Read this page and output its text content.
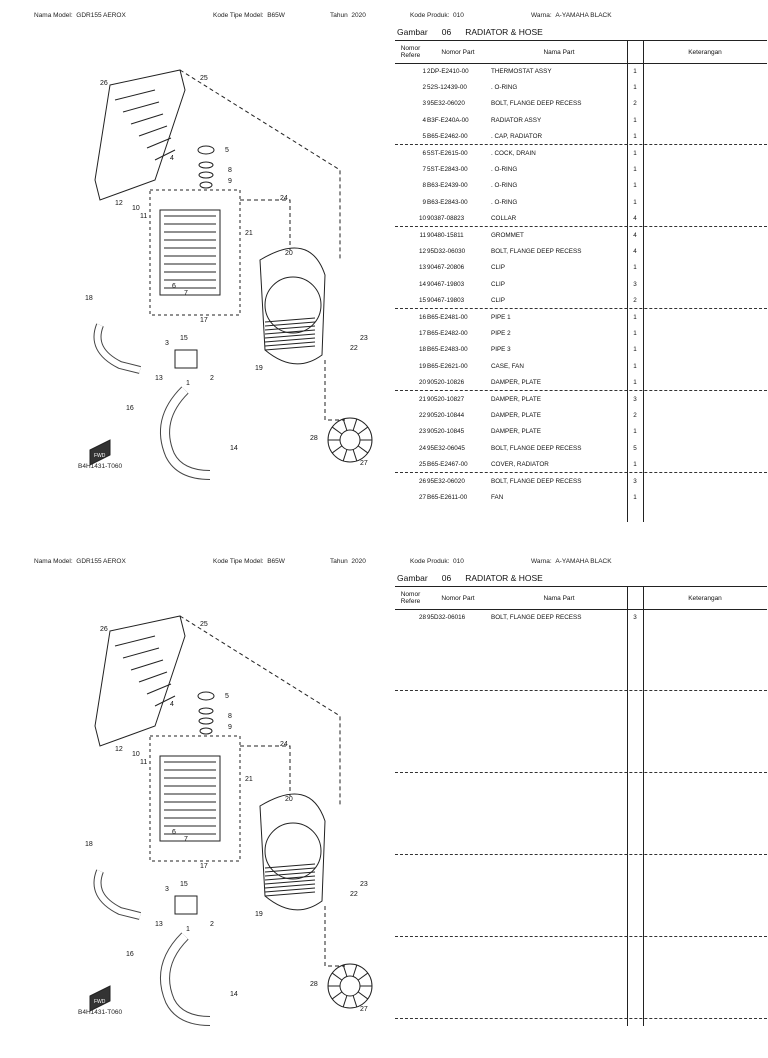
Nama Model: GDR155 AEROX	Kode Tipe Model: B65W	Tahun 2020	Kode Produk: 010	Warna: A-YAMAHA BLACK
FWD
1
2
3
4
5
6
7
8
9
10
11
12
13
14
15
16
17
18
19
20
21
22
23
24
25
26
27
28
B4H1431-T060
Gambar 06 RADIATOR & HOSE
Nomor Refere	Nomor Part	Nama Part	Keterangan
1 2DP-E2410-00	THERMOSTAT ASSY	1
2 52S-12439-00	. O-RING	1
3 95E32-06020	BOLT, FLANGE DEEP RECESS	2
4 B3F-E240A-00	RADIATOR ASSY	1
5 B65-E2462-00	. CAP, RADIATOR	1
6 5ST-E2615-00	. COCK, DRAIN	1
7 5ST-E2843-00	. O-RING	1
8 B63-E2439-00	. O-RING	1
9 B63-E2843-00	. O-RING	1
10 90387-08823	COLLAR	4
11 90480-15811	GROMMET	4
12 95D32-06030	BOLT, FLANGE DEEP RECESS	4
13 90467-20806	CLIP	1
14 90467-19803	CLIP	3
15 90467-19803	CLIP	2
16 B65-E2481-00	PIPE 1	1
17 B65-E2482-00	PIPE 2	1
18 B65-E2483-00	PIPE 3	1
19 B65-E2621-00	CASE, FAN	1
20 90520-10826	DAMPER, PLATE	1
21 90520-10827	DAMPER, PLATE	3
22 90520-10844	DAMPER, PLATE	2
23 90520-10845	DAMPER, PLATE	1
24 95E32-06045	BOLT, FLANGE DEEP RECESS	5
25 B65-E2467-00	COVER, RADIATOR	1
26 95E32-06020	BOLT, FLANGE DEEP RECESS	3
27 B65-E2611-00	FAN	1
Nama Model: GDR155 AEROX	Kode Tipe Model: B65W	Tahun 2020	Kode Produk: 010	Warna: A-YAMAHA BLACK
FWD
1
2
3
4
5
6
7
8
9
10
11
12
13
14
15
16
17
18
19
20
21
22
23
24
25
26
27
28
B4H1431-T060
Gambar 06 RADIATOR & HOSE
Nomor Refere	Nomor Part	Nama Part	Keterangan
28 95D32-06016	BOLT, FLANGE DEEP RECESS	3
